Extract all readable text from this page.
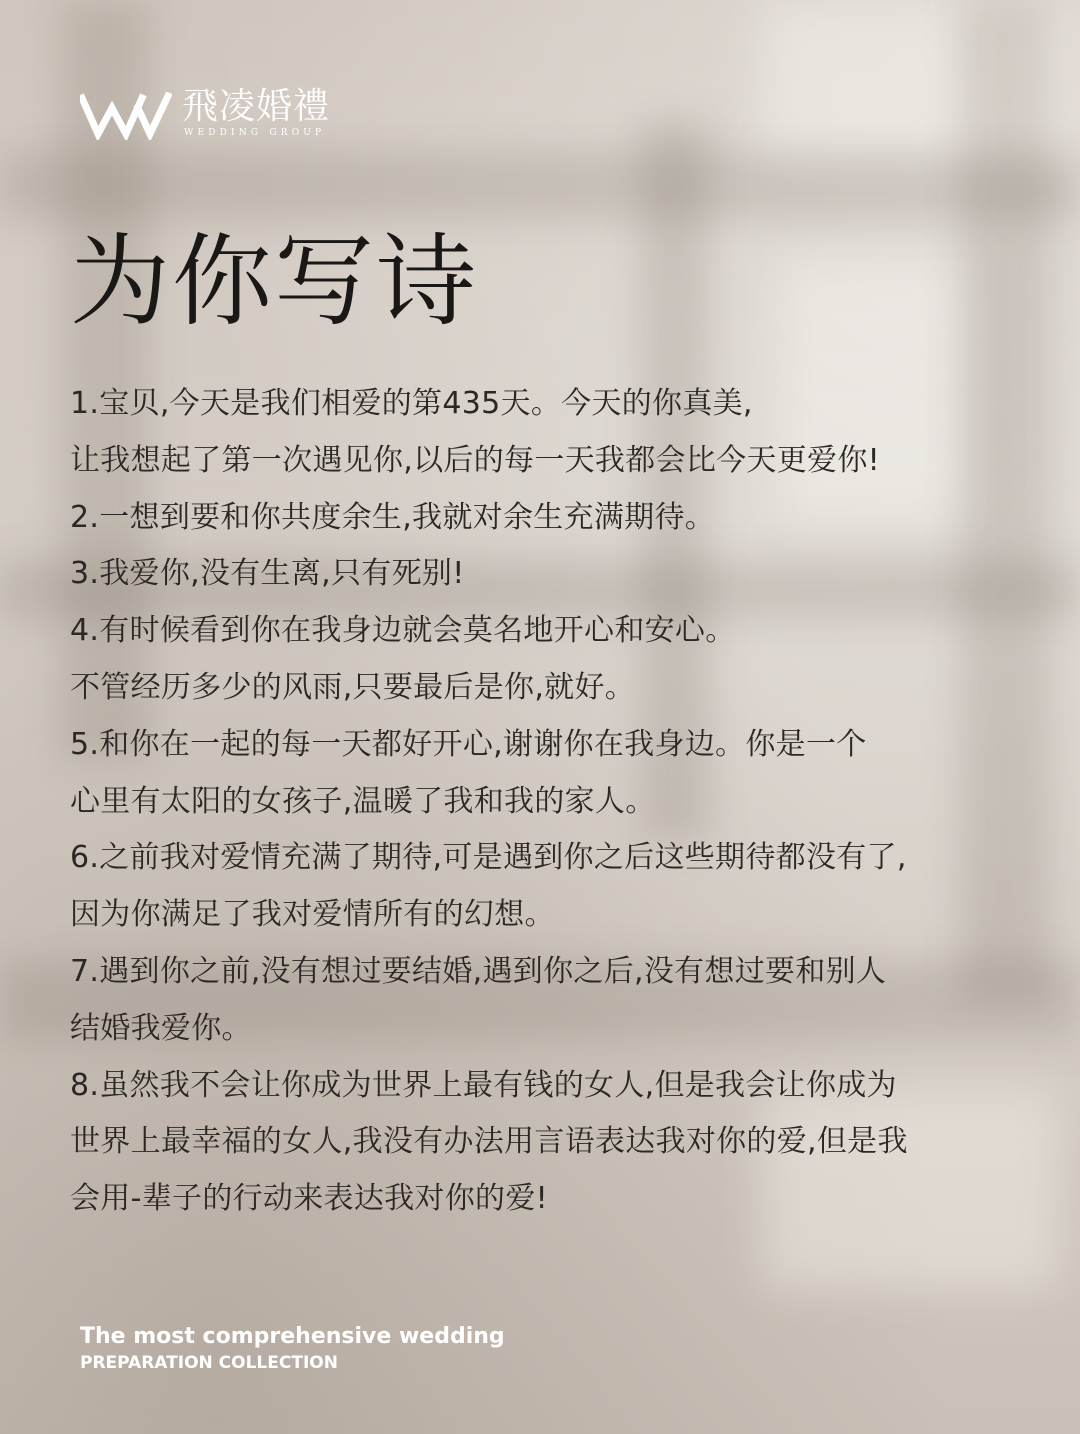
飛凌婚禮
WEDDING GROUP
为你写诗
1.宝贝,今天是我们相爱的第435天。今天的你真美,
让我想起了第一次遇见你,以后的每一天我都会比今天更爱你!
2.一想到要和你共度余生,我就对余生充满期待。
3.我爱你,没有生离,只有死别!
4.有时候看到你在我身边就会莫名地开心和安心。
不管经历多少的风雨,只要最后是你,就好。
5.和你在一起的每一天都好开心,谢谢你在我身边。你是一个
心里有太阳的女孩子,温暖了我和我的家人。
6.之前我对爱情充满了期待,可是遇到你之后这些期待都没有了,
因为你满足了我对爱情所有的幻想。
7.遇到你之前,没有想过要结婚,遇到你之后,没有想过要和别人
结婚我爱你。
8.虽然我不会让你成为世界上最有钱的女人,但是我会让你成为
世界上最幸福的女人,我没有办法用言语表达我对你的爱,但是我
会用-辈子的行动来表达我对你的爱!
The most comprehensive wedding
PREPARATION COLLECTION
